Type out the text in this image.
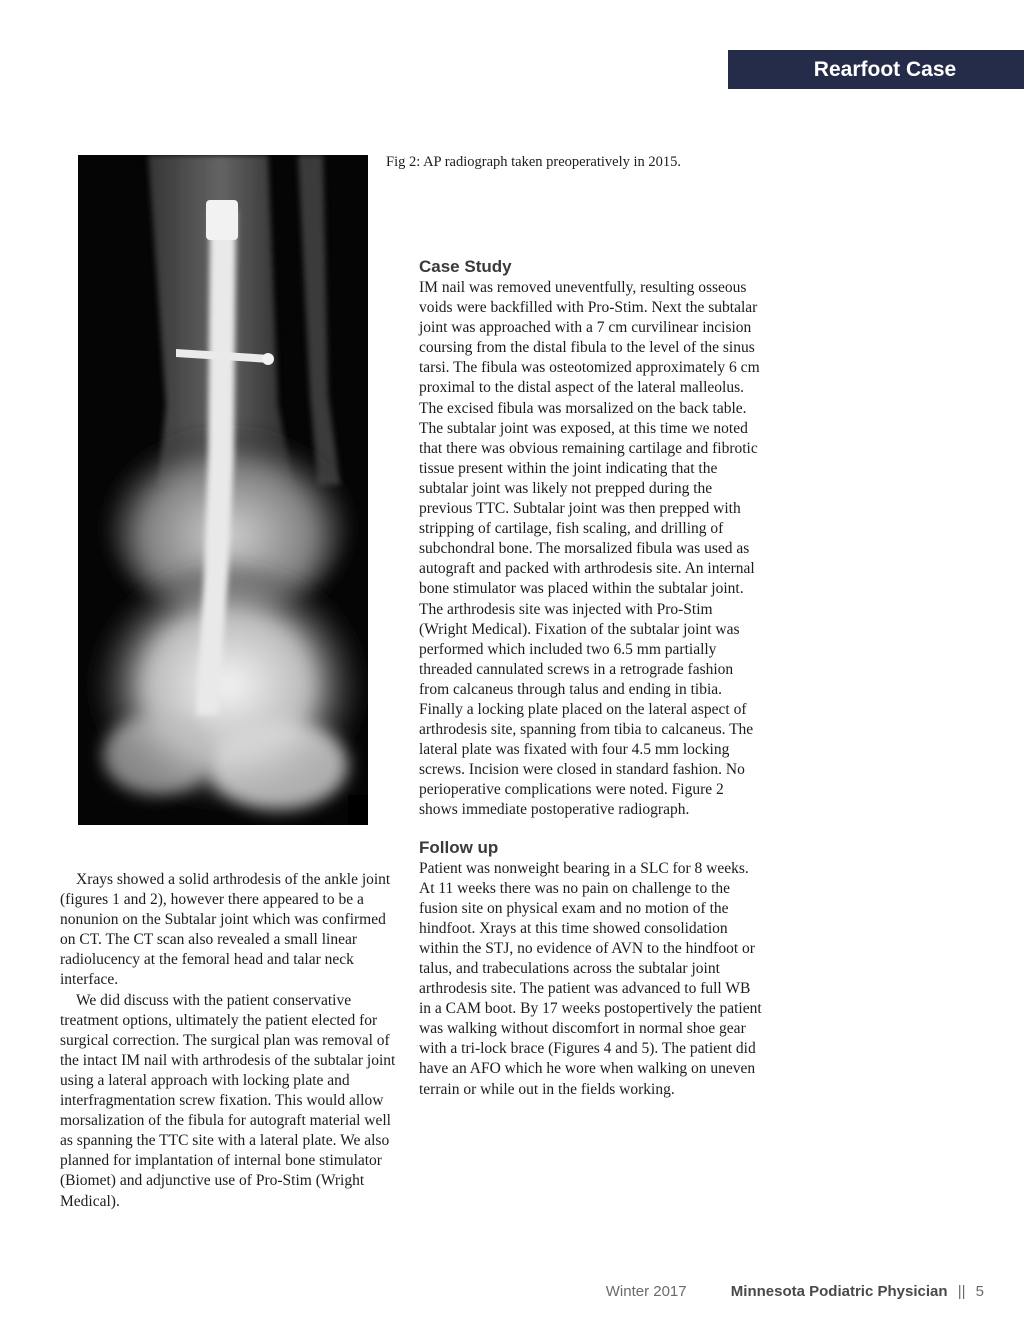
Rearfoot Case
Fig 2: AP radiograph taken preoperatively in 2015.

Xrays showed a solid arthrodesis of the ankle joint (figures 1 and 2), however there appeared to be a nonunion on the Subtalar joint which was confirmed on CT. The CT scan also revealed a small linear radiolucency at the femoral head and talar neck interface.

We did discuss with the patient conservative treatment options, ultimately the patient elected for surgical correction. The surgical plan was removal of the intact IM nail with arthrodesis of the subtalar joint using a lateral approach with locking plate and interfragmentation screw fixation. This would allow morsalization of the fibula for autograft material well as spanning the TTC site with a lateral plate. We also planned for implantation of internal bone stimulator (Biomet) and adjunctive use of Pro-Stim (Wright Medical).

Case Study

IM nail was removed uneventfully, resulting osseous voids were backfilled with Pro-Stim. Next the subtalar joint was approached with a 7 cm curvilinear incision coursing from the distal fibula to the level of the sinus tarsi. The fibula was osteotomized approximately 6 cm proximal to the distal aspect of the lateral malleolus. The excised fibula was morsalized on the back table. The subtalar joint was exposed, at this time we noted that there was obvious remaining cartilage and fibrotic tissue present within the joint indicating that the subtalar joint was likely not prepped during the previous TTC. Subtalar joint was then prepped with stripping of cartilage, fish scaling, and drilling of subchondral bone. The morsalized fibula was used as autograft and packed with arthrodesis site. An internal bone stimulator was placed within the subtalar joint. The arthrodesis site was injected with Pro-Stim (Wright Medical). Fixation of the subtalar joint was performed which included two 6.5 mm partially threaded cannulated screws in a retrograde fashion from calcaneus through talus and ending in tibia. Finally a locking plate placed on the lateral aspect of arthrodesis site, spanning from tibia to calcaneus. The lateral plate was fixated with four 4.5 mm locking screws. Incision were closed in standard fashion. No perioperative complications were noted. Figure 2 shows immediate postoperative radiograph.

Follow up

Patient was nonweight bearing in a SLC for 8 weeks. At 11 weeks there was no pain on challenge to the fusion site on physical exam and no motion of the hindfoot. Xrays at this time showed consolidation within the STJ, no evidence of AVN to the hindfoot or talus, and trabeculations across the subtalar joint arthrodesis site. The patient was advanced to full WB in a CAM boot. By 17 weeks postopertively the patient was walking without discomfort in normal shoe gear with a tri-lock brace (Figures 4 and 5). The patient did have an AFO which he wore when walking on uneven terrain or while out in the fields working.

Winter 2017	Minnesota Podiatric Physician || 5
